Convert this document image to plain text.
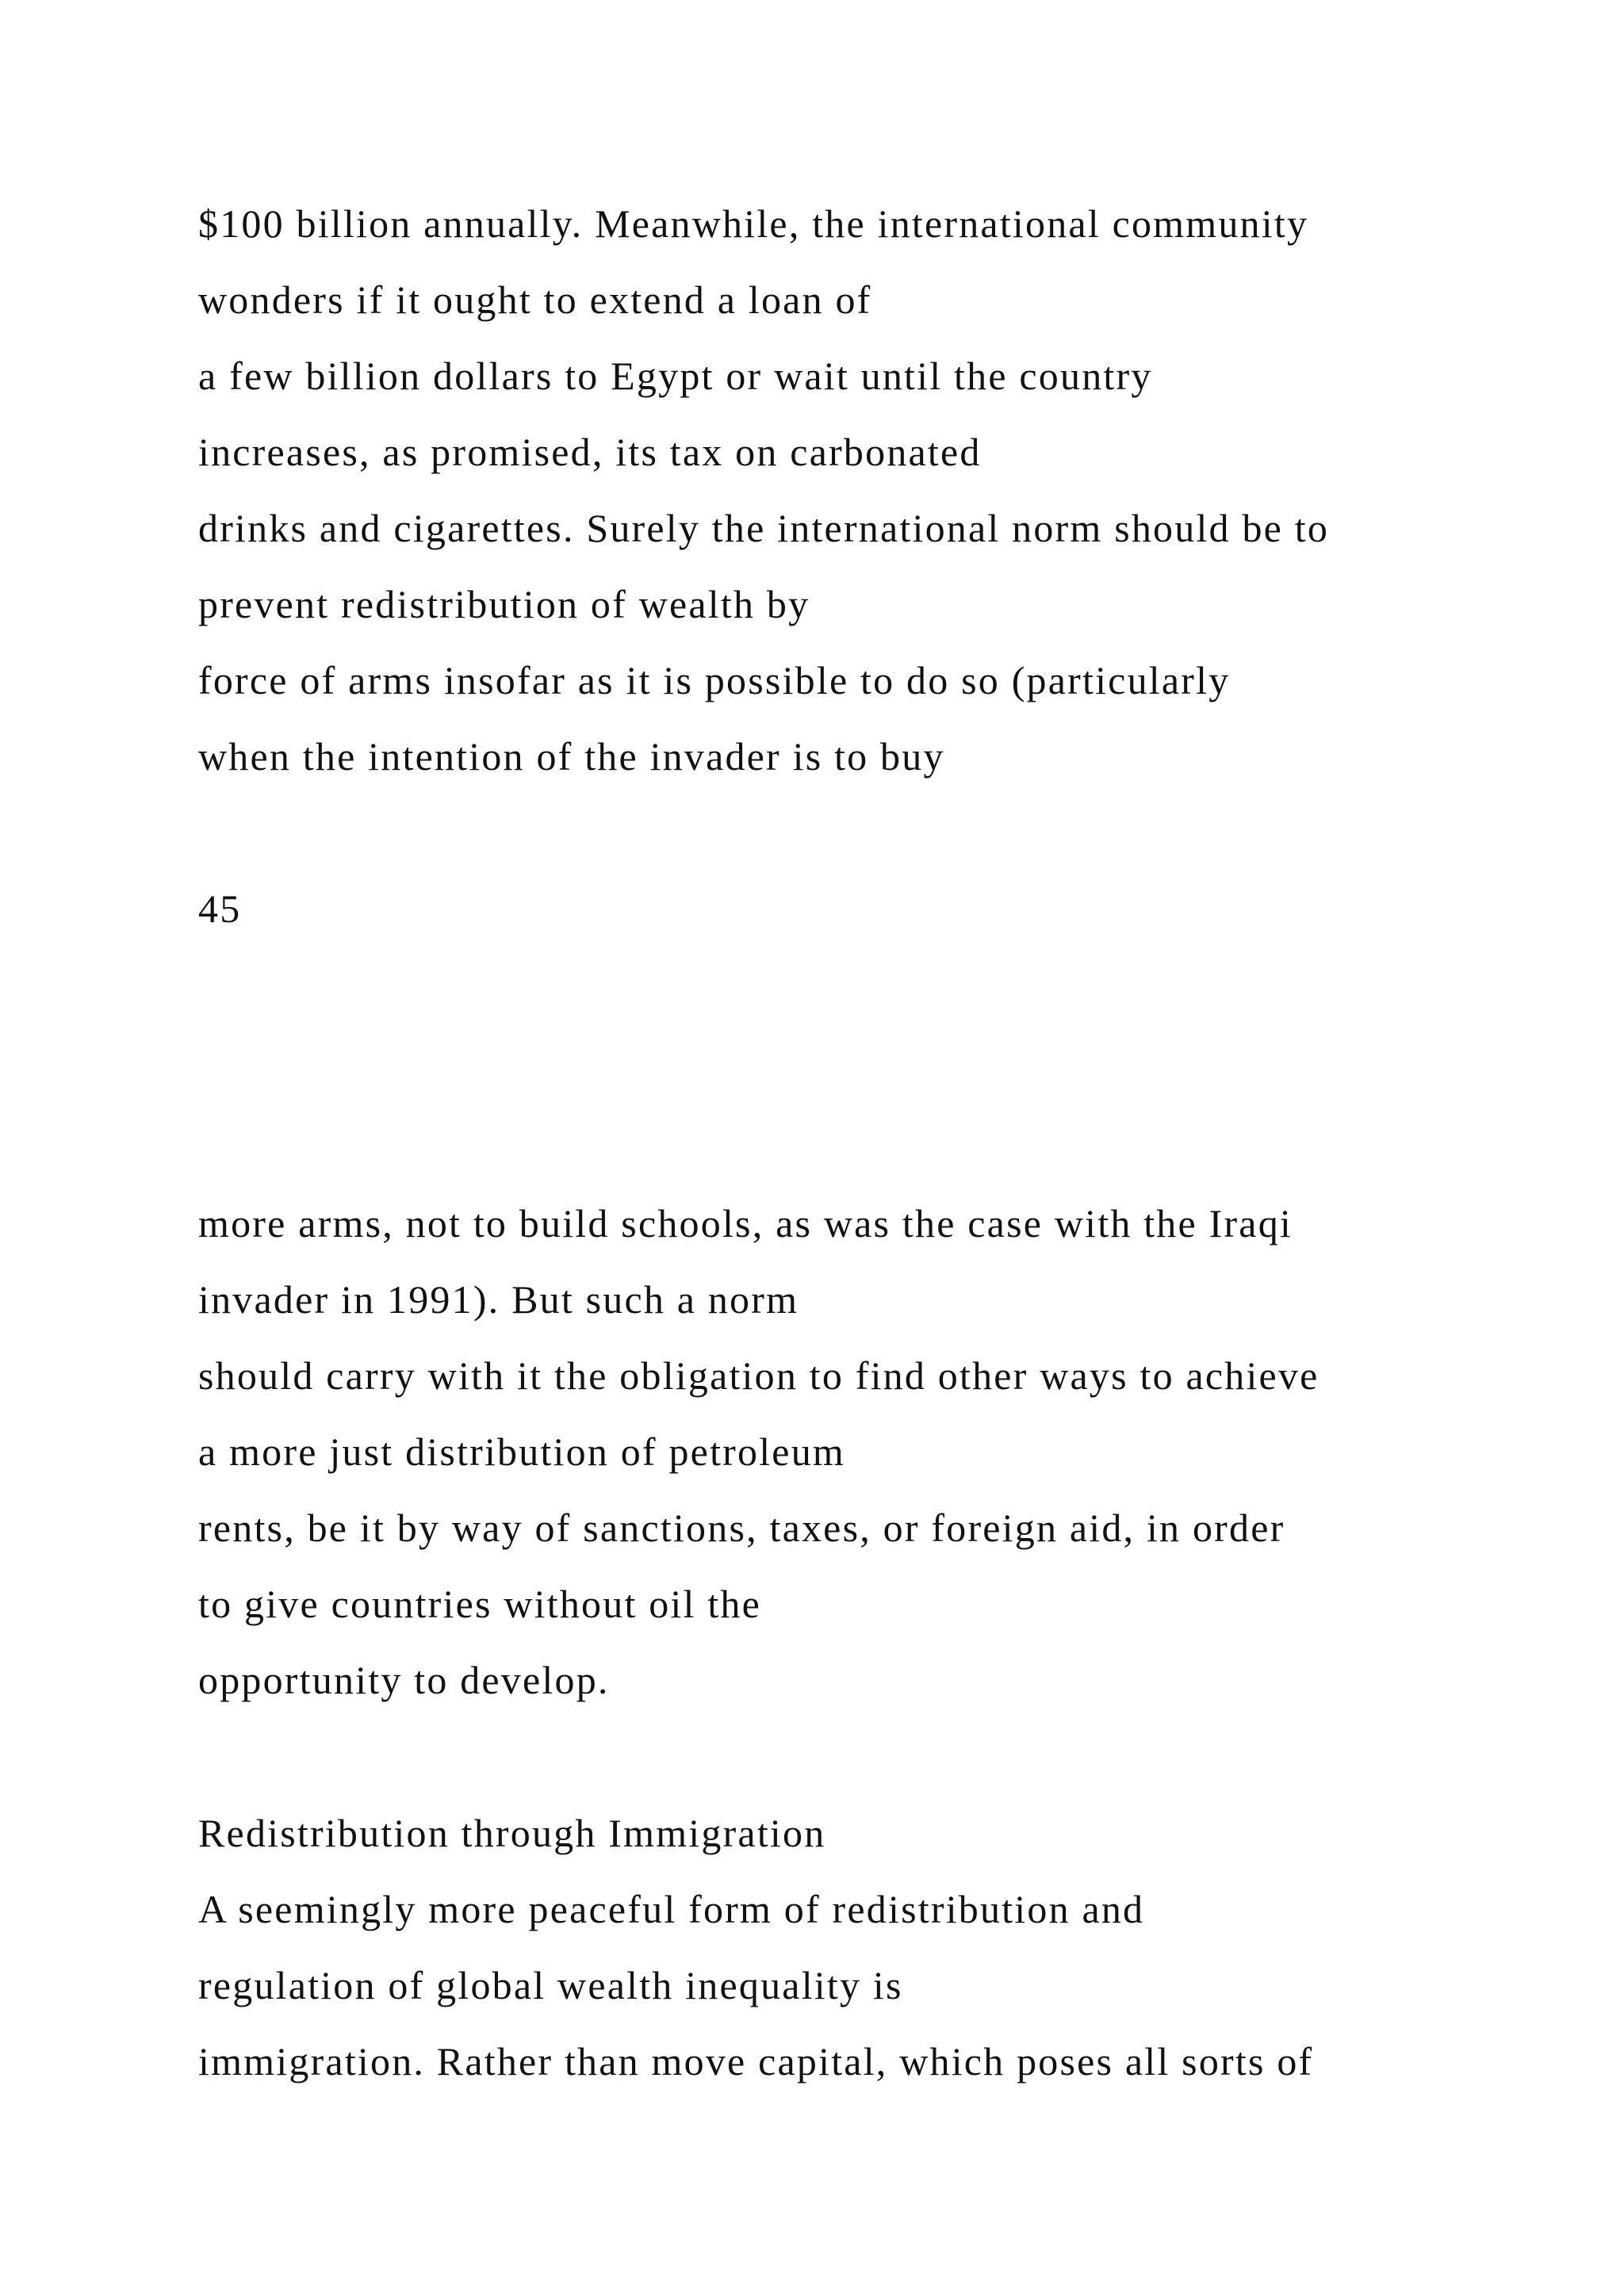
$100 billion annually. Meanwhile, the international community

wonders if it ought to extend a loan of

a few billion dollars to Egypt or wait until the country

increases, as promised, its tax on carbonated

drinks and cigarettes. Surely the international norm should be to

prevent redistribution of wealth by

force of arms insofar as it is possible to do so (particularly

when the intention of the invader is to buy

45

more arms, not to build schools, as was the case with the Iraqi

invader in 1991). But such a norm

should carry with it the obligation to find other ways to achieve

a more just distribution of petroleum

rents, be it by way of sanctions, taxes, or foreign aid, in order

to give countries without oil the

opportunity to develop.

Redistribution through Immigration

A seemingly more peaceful form of redistribution and

regulation of global wealth inequality is

immigration. Rather than move capital, which poses all sorts of
